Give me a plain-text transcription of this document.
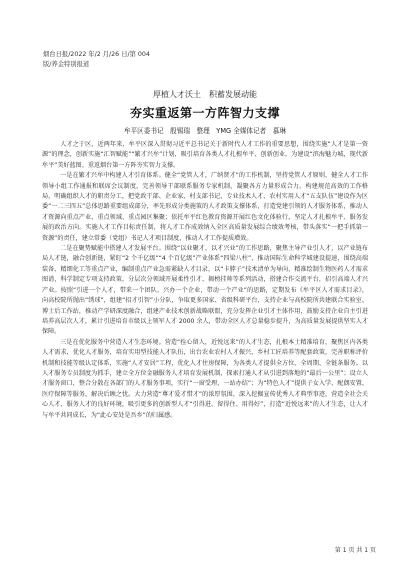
烟台日报/2022 年/2 月/26 日/第 004
版/养金特别报道
厚植人才沃土　积蓄发展动能
夯实重返第一方阵智力支撑
牟平区委书记　殷锡瑞　整理　YMG 全媒体记者　慕琳

　人才之于区，近两年来，牟平区深入贯彻习近平总书记关于新时代人才工作的重要思想，围绕实施“人才是第一资源”的理念，创新实施“汇智赋能”“繁才兴牟”计划，吸引培育各类人才扎根牟平、创新创业，为建设“滨海魅力城，现代新牟平”美好蓝图、重返烟台第一方阵夯实智力支撑。

　一是在繁才兴牟中构建人才引育体系。健全“党管人才，广纳贤才”的工作机制，坚持党管人才原则，健全人才工作领导小组工作通报和联席会议制度，完善领导干部联系服务专家机制，凝聚各方力量形成合力。构建规范高效的工作格局，明确组织人才的职责分工，把党政干部、企业家、村支部书记、专业技术人才、农村实用人才“五支队伍”建设作为区委“一二三四五”总体思路重要组成部分，率先形成分类施策的人才政策支撑体系，打造党建引领的人才服务体系，推动人才资源向重点产业、重点领域、重点园区集聚；依托牟平红色教育资源开展红色文化体验行，坚定人才扎根牟平、服务发展的政治方向。实施人才工作目标责任制，将人才工作成效纳入全区高质量发展综合绩效考核，带头落实“一把手抓第一资源”的责任，建立常委（党组）书记人才项目制度，推动人才工作提质增效。

　二是在聚势赋能中搭建人才发展平台。围绕“以业聚才、以才兴业”的工作思路，聚焦主导产业引人才，以产业链布局人才链，融合创新链，紧盯“2 个千亿级”“4 个百亿级”产业体系“四梁八柱”，推动国际生命科学城建设提速，围绕高端装备、精细化工等重点产业，编制重点产业急需紧缺人才目录，以“卡脖子”技术清单为导向，精准绘制生物医药人才需求图谱，科学制定专项支持政策，分层次分领域开展柔性引才、揭榜挂帅等系列活动，搭建合作交流平台，招引高端人才兴产业。按照“引进一个人才，带来一个团队，兴办一个企业，带动一个产业”的思路，定期发布《牟平区人才需求目录》，向高校院所抛出“绣球”，组建“招才引智”小分队，争取更多国家、省级科研平台，支持企业与高校院所共建联合实验室、博士后工作站，推动产学研深度融合，组建产业技术创新战略联盟，充分发挥企业引才主体作用，鼓励支持企业自主引进培养高层次人才，累计引进培育市级以上领军人才 2000 余人，带动全区人才总量稳步提升，为高质量发展提供坚实人才保障。

　三是在优化服务中营造人才生态环境。营造“拴心留人，近悦远来”的人才生态，扎根本土精准培育，聚焦区内各类人才需求，优化人才服务，培育实用型技能人才队伍，出台农业农村人才振兴、乡村工匠培养等配套政策，完善职称评价机制和技能等级认定体系，实施“人才安居”工程，优化人才住房保障，为各类人才提供全方位、全周期、全链条服务。以人才服务专员制度为抓手，建立全方位金融服务人才培育发展机制，探索打通人才从引进到落地的“最后一公里”；设立人才服务窗口，整合分散在各部门的人才服务事项，实行“一窗受理、一站办结”；为“特色人才”提供子女入学、配偶安置、医疗保障等服务，解决后顾之忧。大力营造“尊才爱才惜才”的浓厚氛围，深入挖掘宣传优秀人才典型事迹，营造全社会关心人才、服务人才的良好环境，吸引更多的创新型人才“引得进、留得住、用得好”，打造“近悦远来”的人才生态，让人才与牟平共同成长，为“此心安处是吾乡”的归属感。

第 1 页 共 1 页
